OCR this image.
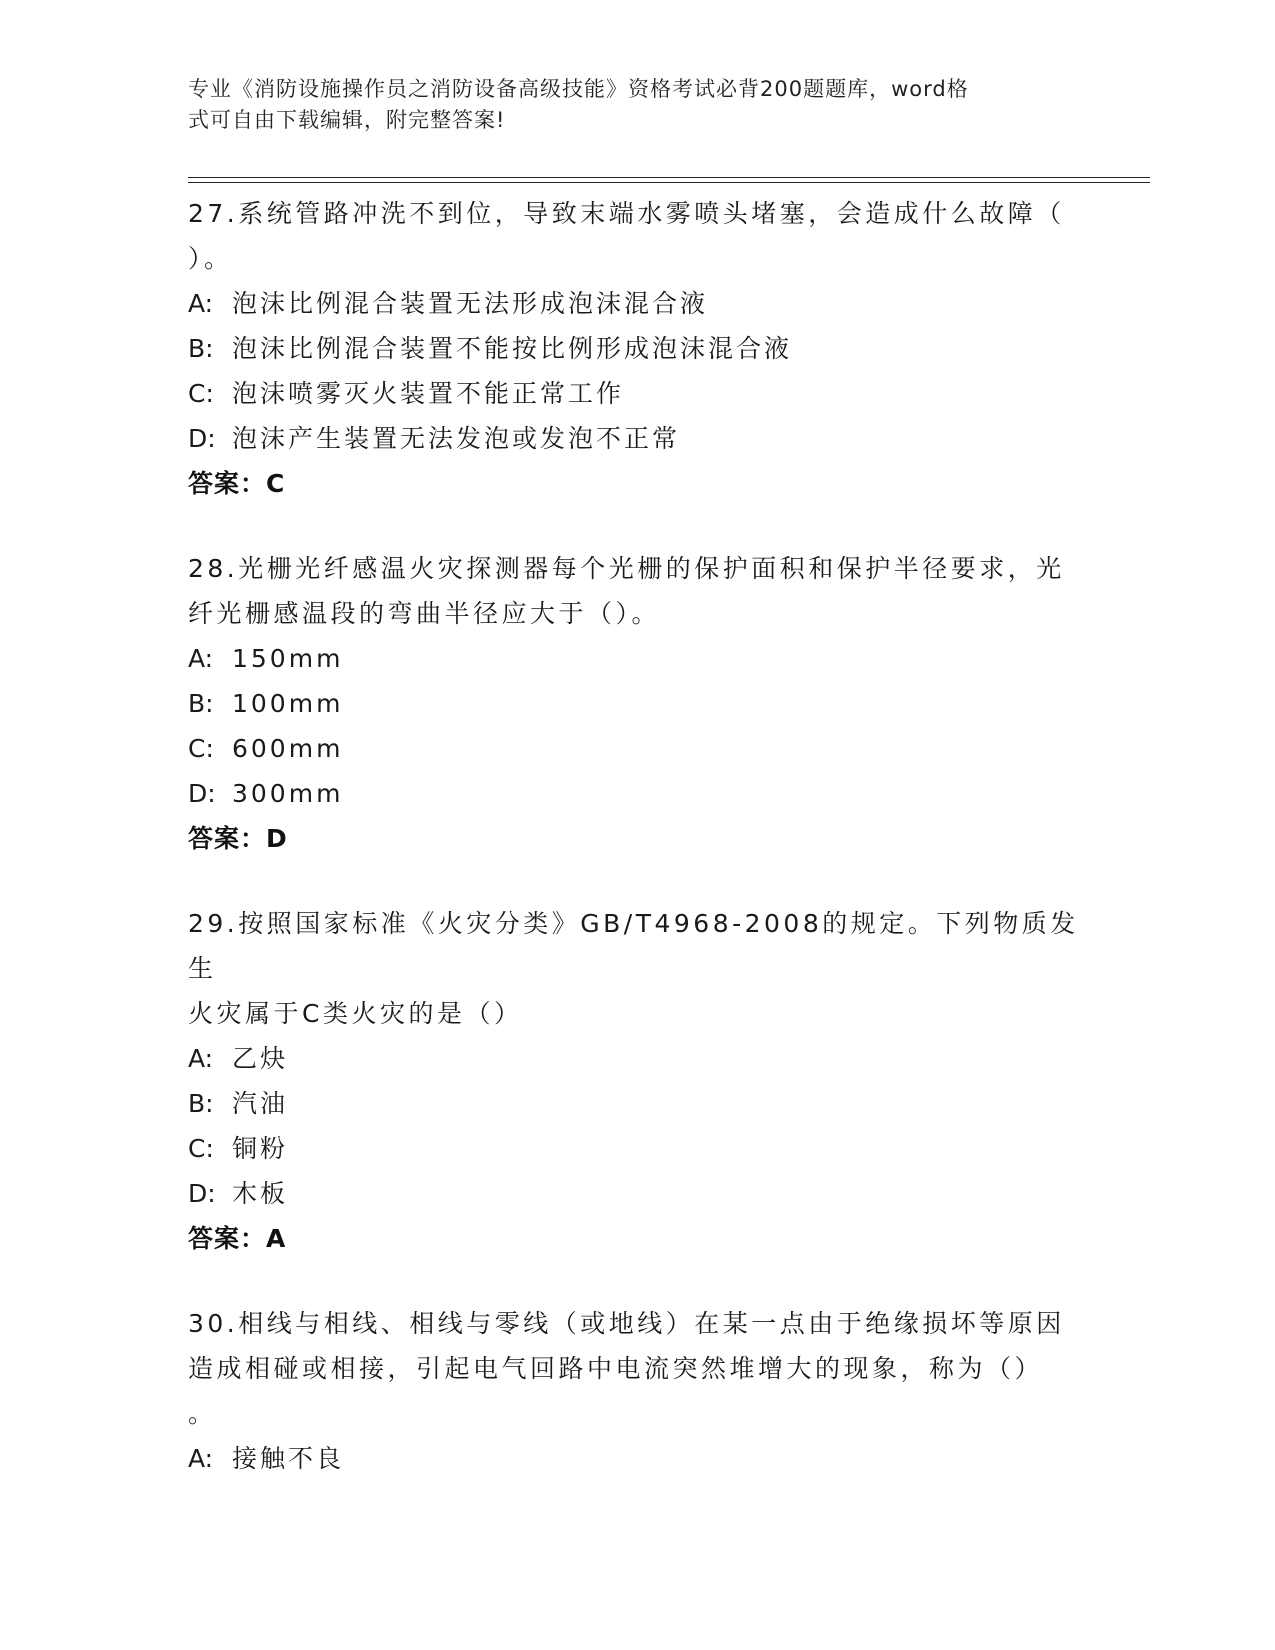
专业《消防设施操作员之消防设备高级技能》资格考试必背200题题库，word格
式可自由下载编辑，附完整答案!
27.系统管路冲洗不到位，导致末端水雾喷头堵塞，会造成什么故障（
）。
A: 泡沫比例混合装置无法形成泡沫混合液
B: 泡沫比例混合装置不能按比例形成泡沫混合液
C: 泡沫喷雾灭火装置不能正常工作
D: 泡沫产生装置无法发泡或发泡不正常
答案：C
28.光栅光纤感温火灾探测器每个光栅的保护面积和保护半径要求，光
纤光栅感温段的弯曲半径应大于（）。
A: 150mm
B: 100mm
C: 600mm
D: 300mm
答案：D
29.按照国家标准《火灾分类》GB/T4968-2008的规定。下列物质发生
火灾属于C类火灾的是（）
A: 乙炔
B: 汽油
C: 铜粉
D: 木板
答案：A
30.相线与相线、相线与零线（或地线）在某一点由于绝缘损坏等原因
造成相碰或相接，引起电气回路中电流突然堆增大的现象，称为（）
。
A: 接触不良
